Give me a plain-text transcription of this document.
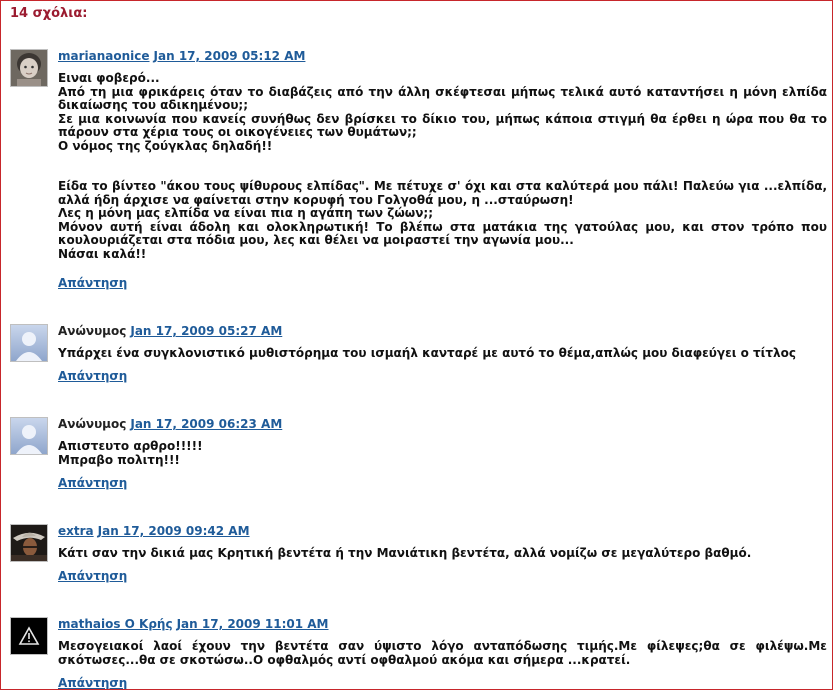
14 σχόλια:
marianaonice Jan 17, 2009 05:12 AM

Ειναι φοβερό...

Από τη μια φρικάρεις όταν το διαβάζεις από την άλλη σκέφτεσαι μήπως τελικά αυτό καταντήσει η μόνη ελπίδα δικαίωσης του αδικημένου;;

Σε μια κοινωνία που κανείς συνήθως δεν βρίσκει το δίκιο του, μήπως κάποια στιγμή θα έρθει η ώρα που θα το πάρουν στα χέρια τους οι οικογένειες των θυμάτων;;

Ο νόμος της ζούγκλας δηλαδή!!

Είδα το βίντεο "άκου τους ψίθυρους ελπίδας". Με πέτυχε σ' όχι και στα καλύτερά μου πάλι! Παλεύω για ...ελπίδα, αλλά ήδη άρχισε να φαίνεται στην κορυφή του Γολγοθά μου, η ...σταύρωση!

Λες η μόνη μας ελπίδα να είναι πια η αγάπη των ζώων;;

Μόνον αυτή είναι άδολη και ολοκληρωτική! Το βλέπω στα ματάκια της γατούλας μου, και στον τρόπο που κουλουριάζεται στα πόδια μου, λες και θέλει να μοιραστεί την αγωνία μου...

Νάσαι καλά!!

Απάντηση
Ανώνυμος Jan 17, 2009 05:27 AM

Υπάρχει ένα συγκλονιστικό μυθιστόρημα του ισμαήλ κανταρέ με αυτό το θέμα,απλώς μου διαφεύγει ο τίτλος

Απάντηση
Ανώνυμος Jan 17, 2009 06:23 AM

Απιστευτο αρθρο!!!!!

Μπραβο πολιτη!!!

Απάντηση
extra Jan 17, 2009 09:42 AM

Κάτι σαν την δικιά μας Κρητική βεντέτα ή την Μανιάτικη βεντέτα, αλλά νομίζω σε μεγαλύτερο βαθμό.

Απάντηση
mathaios Ο Κρής Jan 17, 2009 11:01 AM

Μεσογειακοί λαοί έχουν την βεντέτα σαν ύψιστο λόγο ανταπόδωσης τιμής.Με φίλεψες;θα σε φιλέψω.Με σκότωσες...θα σε σκοτώσω..Ο οφθαλμός αντί οφθαλμού ακόμα και σήμερα ...κρατεί.

Απάντηση
